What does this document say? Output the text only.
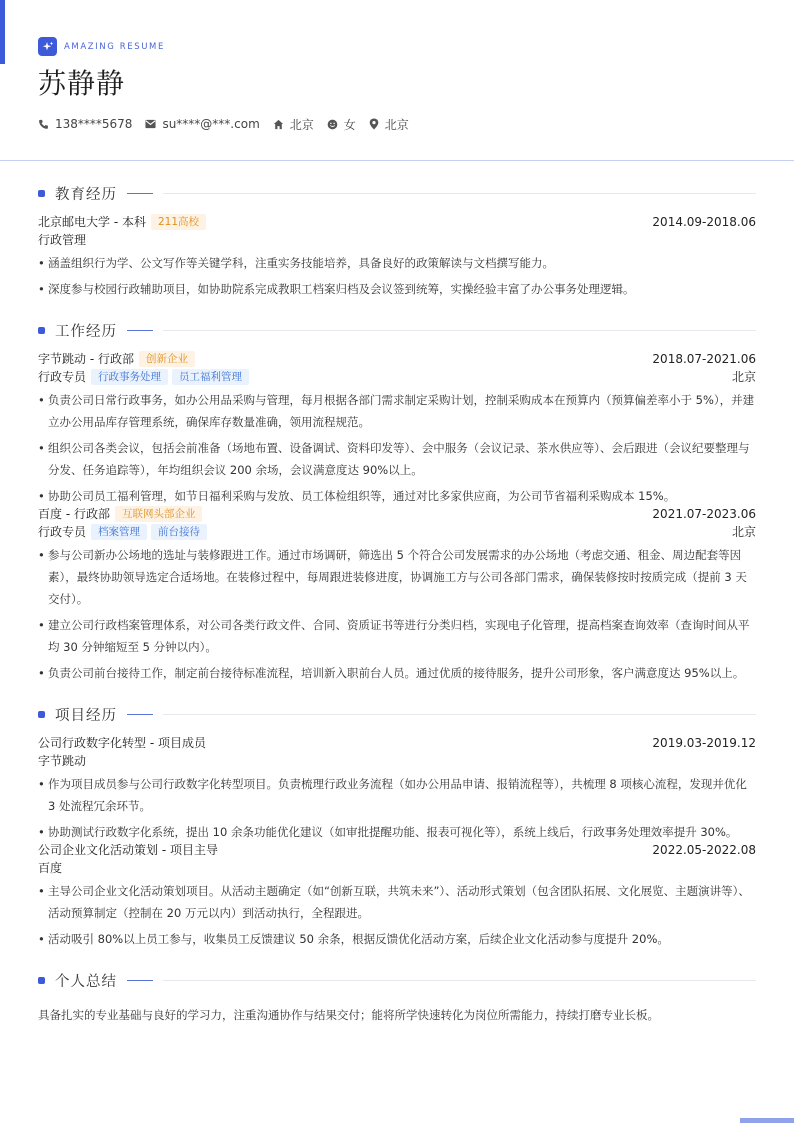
AMAZING RESUME
苏静静
138****5678	su****@***.com	北京	女 北京
教育经历
北京邮电大学 - 本科	211高校	2014.09-2018.06
行政管理
• 涵盖组织行为学、公文写作等关键学科，注重实务技能培养，具备良好的政策解读与文档撰写能力。
• 深度参与校园行政辅助项目，如协助院系完成教职工档案归档及会议签到统筹，实操经验丰富了办公事务处理逻辑。
工作经历
字节跳动 - 行政部	创新企业	2018.07-2021.06
行政专员	行政事务处理	员工福利管理	北京
• 负责公司日常行政事务，如办公用品采购与管理，每月根据各部门需求制定采购计划，控制采购成本在预算内（预算偏差率小于 5%），并建立办公用品库存管理系统，确保库存数量准确，领用流程规范。
• 组织公司各类会议，包括会前准备（场地布置、设备调试、资料印发等）、会中服务（会议记录、茶水供应等）、会后跟进（会议纪要整理与分发、任务追踪等），年均组织会议 200 余场，会议满意度达 90%以上。
• 协助公司员工福利管理，如节日福利采购与发放、员工体检组织等，通过对比多家供应商，为公司节省福利采购成本 15%。
百度 - 行政部	互联网头部企业	2021.07-2023.06
行政专员	档案管理	前台接待	北京
• 参与公司新办公场地的选址与装修跟进工作。通过市场调研，筛选出 5 个符合公司发展需求的办公场地（考虑交通、租金、周边配套等因素），最终协助领导选定合适场地。在装修过程中，每周跟进装修进度，协调施工方与公司各部门需求，确保装修按时按质完成（提前 3 天交付）。
• 建立公司行政档案管理体系，对公司各类行政文件、合同、资质证书等进行分类归档，实现电子化管理，提高档案查询效率（查询时间从平均 30 分钟缩短至 5 分钟以内）。
• 负责公司前台接待工作，制定前台接待标准流程，培训新入职前台人员。通过优质的接待服务，提升公司形象，客户满意度达 95%以上。
项目经历
公司行政数字化转型 - 项目成员	2019.03-2019.12
字节跳动
• 作为项目成员参与公司行政数字化转型项目。负责梳理行政业务流程（如办公用品申请、报销流程等），共梳理 8 项核心流程，发现并优化 3 处流程冗余环节。
• 协助测试行政数字化系统，提出 10 余条功能优化建议（如审批提醒功能、报表可视化等），系统上线后，行政事务处理效率提升 30%。
公司企业文化活动策划 - 项目主导	2022.05-2022.08
百度
• 主导公司企业文化活动策划项目。从活动主题确定（如“创新互联，共筑未来”）、活动形式策划（包含团队拓展、文化展览、主题演讲等）、活动预算制定（控制在 20 万元以内）到活动执行，全程跟进。
• 活动吸引 80%以上员工参与，收集员工反馈建议 50 余条，根据反馈优化活动方案，后续企业文化活动参与度提升 20%。
个人总结
具备扎实的专业基础与良好的学习力，注重沟通协作与结果交付；能将所学快速转化为岗位所需能力，持续打磨专业长板。
